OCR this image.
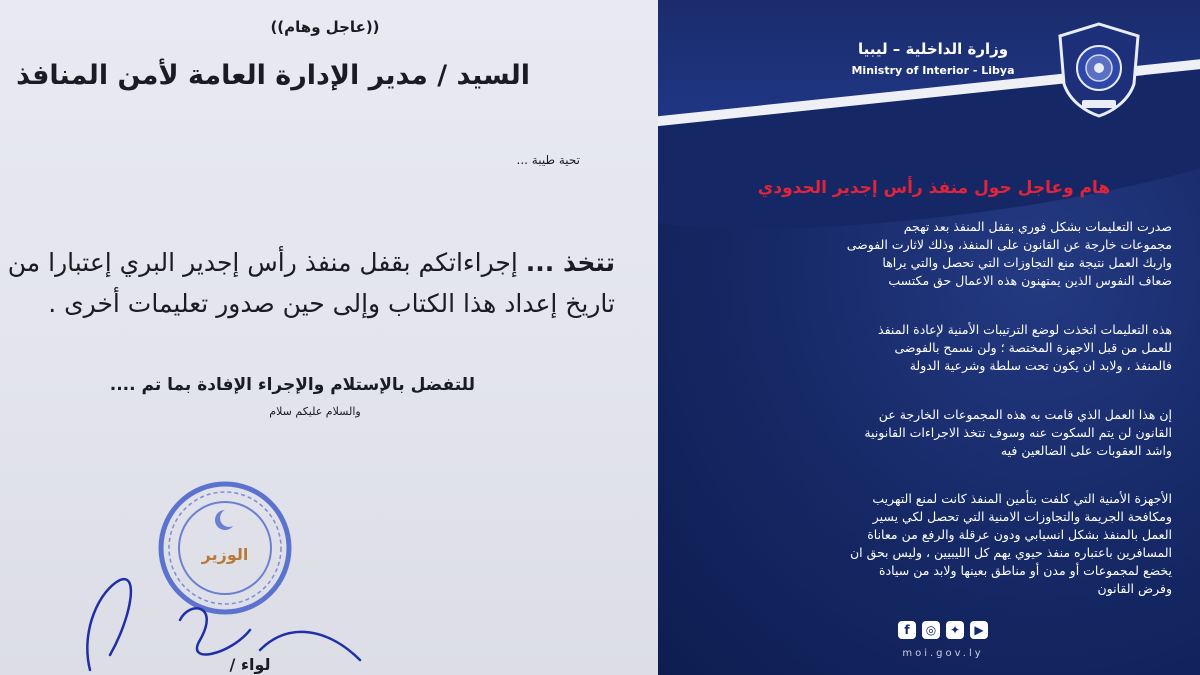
((عاجل وهام))
السيد / مدير الإدارة العامة لأمن المنافذ
تحية طيبة ...
تتخذ ... إجراءاتكم بقفل منفذ رأس إجدير البري إعتبارا من
تاريخ إعداد هذا الكتاب وإلى حين صدور تعليمات أخرى .
للتفضل بالإستلام والإجراء الإفادة بما تم ....
والسلام عليكم سلام
الوزير
لواء /
وزارة الداخلية – ليبيا
Ministry of Interior - Libya
هام وعاجل حول منفذ رأس إجدير الحدودي
صدرت التعليمات بشكل فوري بقفل المنفذ بعد تهجم
مجموعات خارجة عن القانون على المنفذ، وذلك لاثارت الفوضى
واربك العمل نتيجة منع التجاوزات التي تحصل والتي يراها
ضعاف النفوس الذين يمتهنون هذه الاعمال حق مكتسب
هذه التعليمات اتخذت لوضع الترتيبات الأمنية لإعادة المنفذ
للعمل من قبل الاجهزة المختصة ؛ ولن نسمح بالفوضى
فالمنفذ ، ولابد ان يكون تحت سلطة وشرعية الدولة
إن هذا العمل الذي قامت به هذه المجموعات الخارجة عن
القانون لن يتم السكوت عنه وسوف تتخذ الاجراءات القانونية
واشد العقوبات على الضالعين فيه
الأجهزة الأمنية التي كلفت بتأمين المنفذ كانت لمنع التهريب
ومكافحة الجريمة والتجاوزات الامنية التي تحصل لكي يسير
العمل بالمنفذ بشكل انسيابي ودون عرقلة والرفع من معاناة
المسافرين باعتباره منفذ حيوي يهم كل الليبيين ، وليس بحق ان
يخضع لمجموعات أو مدن أو مناطق بعينها ولابد من سيادة
وفرض القانون
f	◎	✦	▶
moi.gov.ly
